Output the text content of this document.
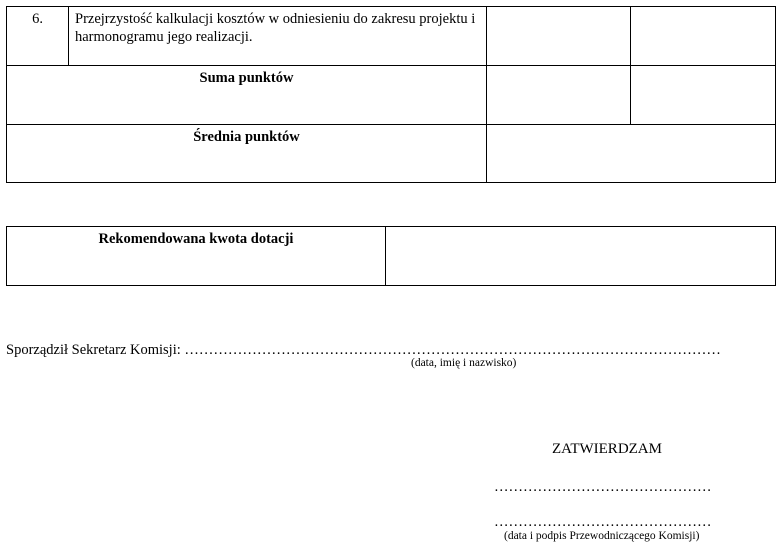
6.	Przejrzystość kalkulacji kosztów w odniesieniu do zakresu projektu i harmonogramu jego realizacji.		
Suma punktów			
Średnia punktów			
Rekomendowana kwota dotacji	
Sporządził Sekretarz Komisji: …………………………………………………………………………………………………
(data, imię i nazwisko)
ZATWIERDZAM
………………………………………
………………………………………
(data i podpis Przewodniczącego Komisji)
